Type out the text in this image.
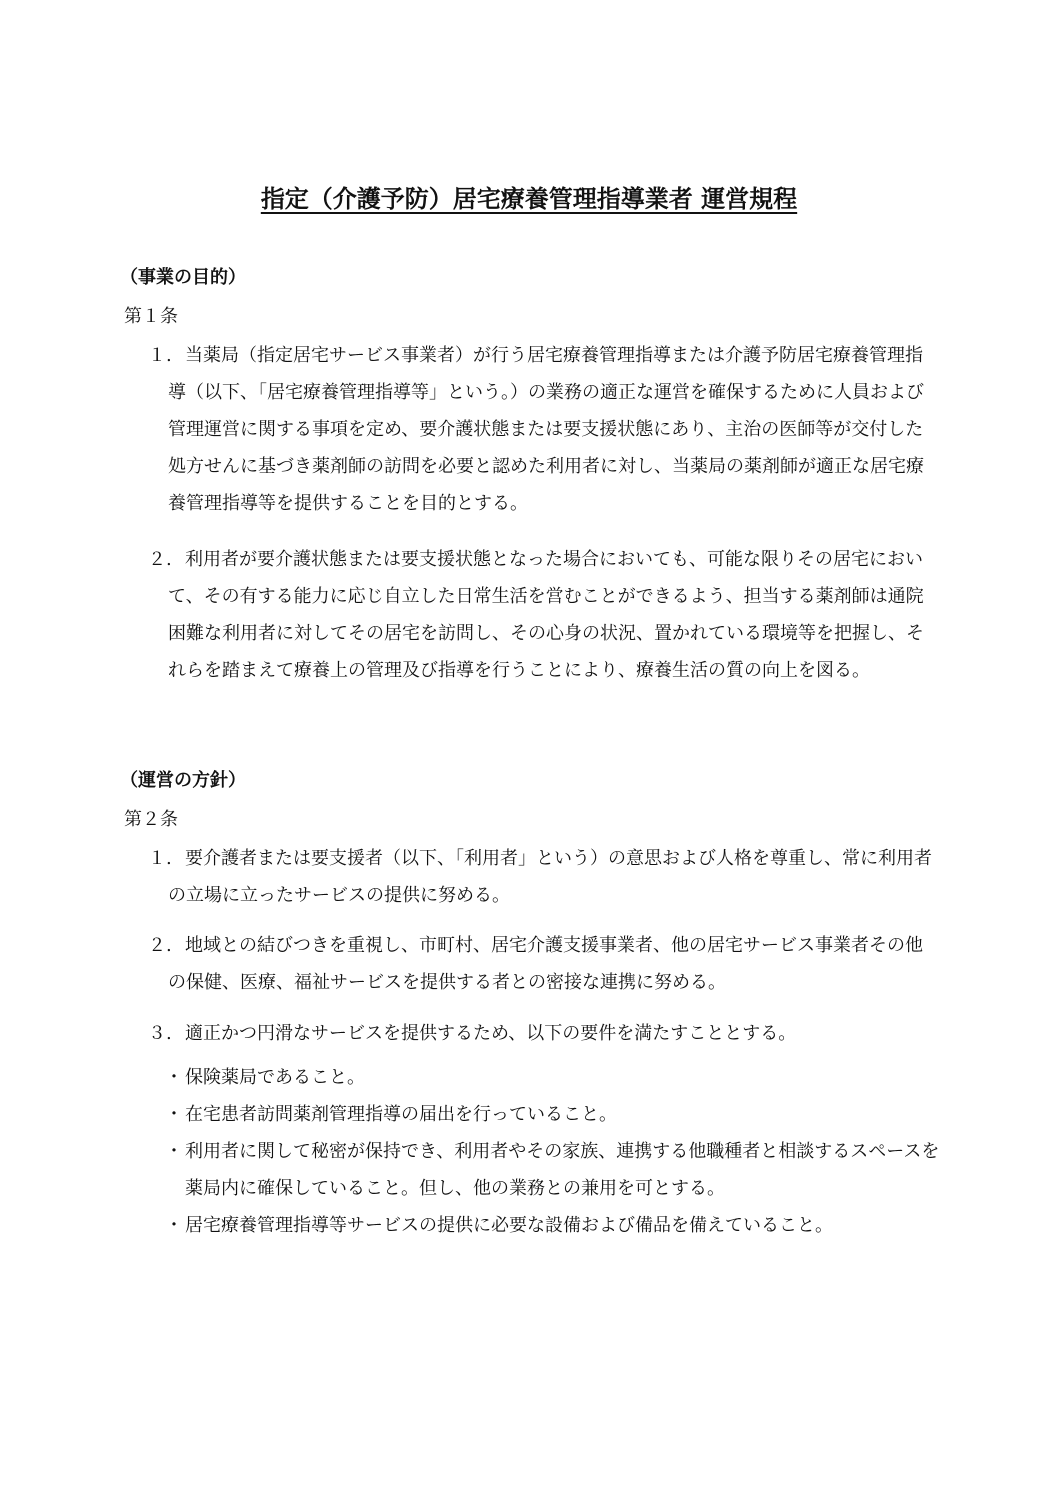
指定（介護予防）居宅療養管理指導業者 運営規程
（事業の目的）
第１条
１. 当薬局（指定居宅サービス事業者）が行う居宅療養管理指導または介護予防居宅療養管理指導（以下、「居宅療養管理指導等」という。）の業務の適正な運営を確保するために人員および管理運営に関する事項を定め、要介護状態または要支援状態にあり、主治の医師等が交付した処方せんに基づき薬剤師の訪問を必要と認めた利用者に対し、当薬局の薬剤師が適正な居宅療養管理指導等を提供することを目的とする。
２. 利用者が要介護状態または要支援状態となった場合においても、可能な限りその居宅において、その有する能力に応じ自立した日常生活を営むことができるよう、担当する薬剤師は通院困難な利用者に対してその居宅を訪問し、その心身の状況、置かれている環境等を把握し、それらを踏まえて療養上の管理及び指導を行うことにより、療養生活の質の向上を図る。
（運営の方針）
第２条
１. 要介護者または要支援者（以下、「利用者」という）の意思および人格を尊重し、常に利用者の立場に立ったサービスの提供に努める。
２. 地域との結びつきを重視し、市町村、居宅介護支援事業者、他の居宅サービス事業者その他の保健、医療、福祉サービスを提供する者との密接な連携に努める。
３. 適正かつ円滑なサービスを提供するため、以下の要件を満たすこととする。
・ 保険薬局であること。
・ 在宅患者訪問薬剤管理指導の届出を行っていること。
・ 利用者に関して秘密が保持でき、利用者やその家族、連携する他職種者と相談するスペースを薬局内に確保していること。但し、他の業務との兼用を可とする。
・ 居宅療養管理指導等サービスの提供に必要な設備および備品を備えていること。
